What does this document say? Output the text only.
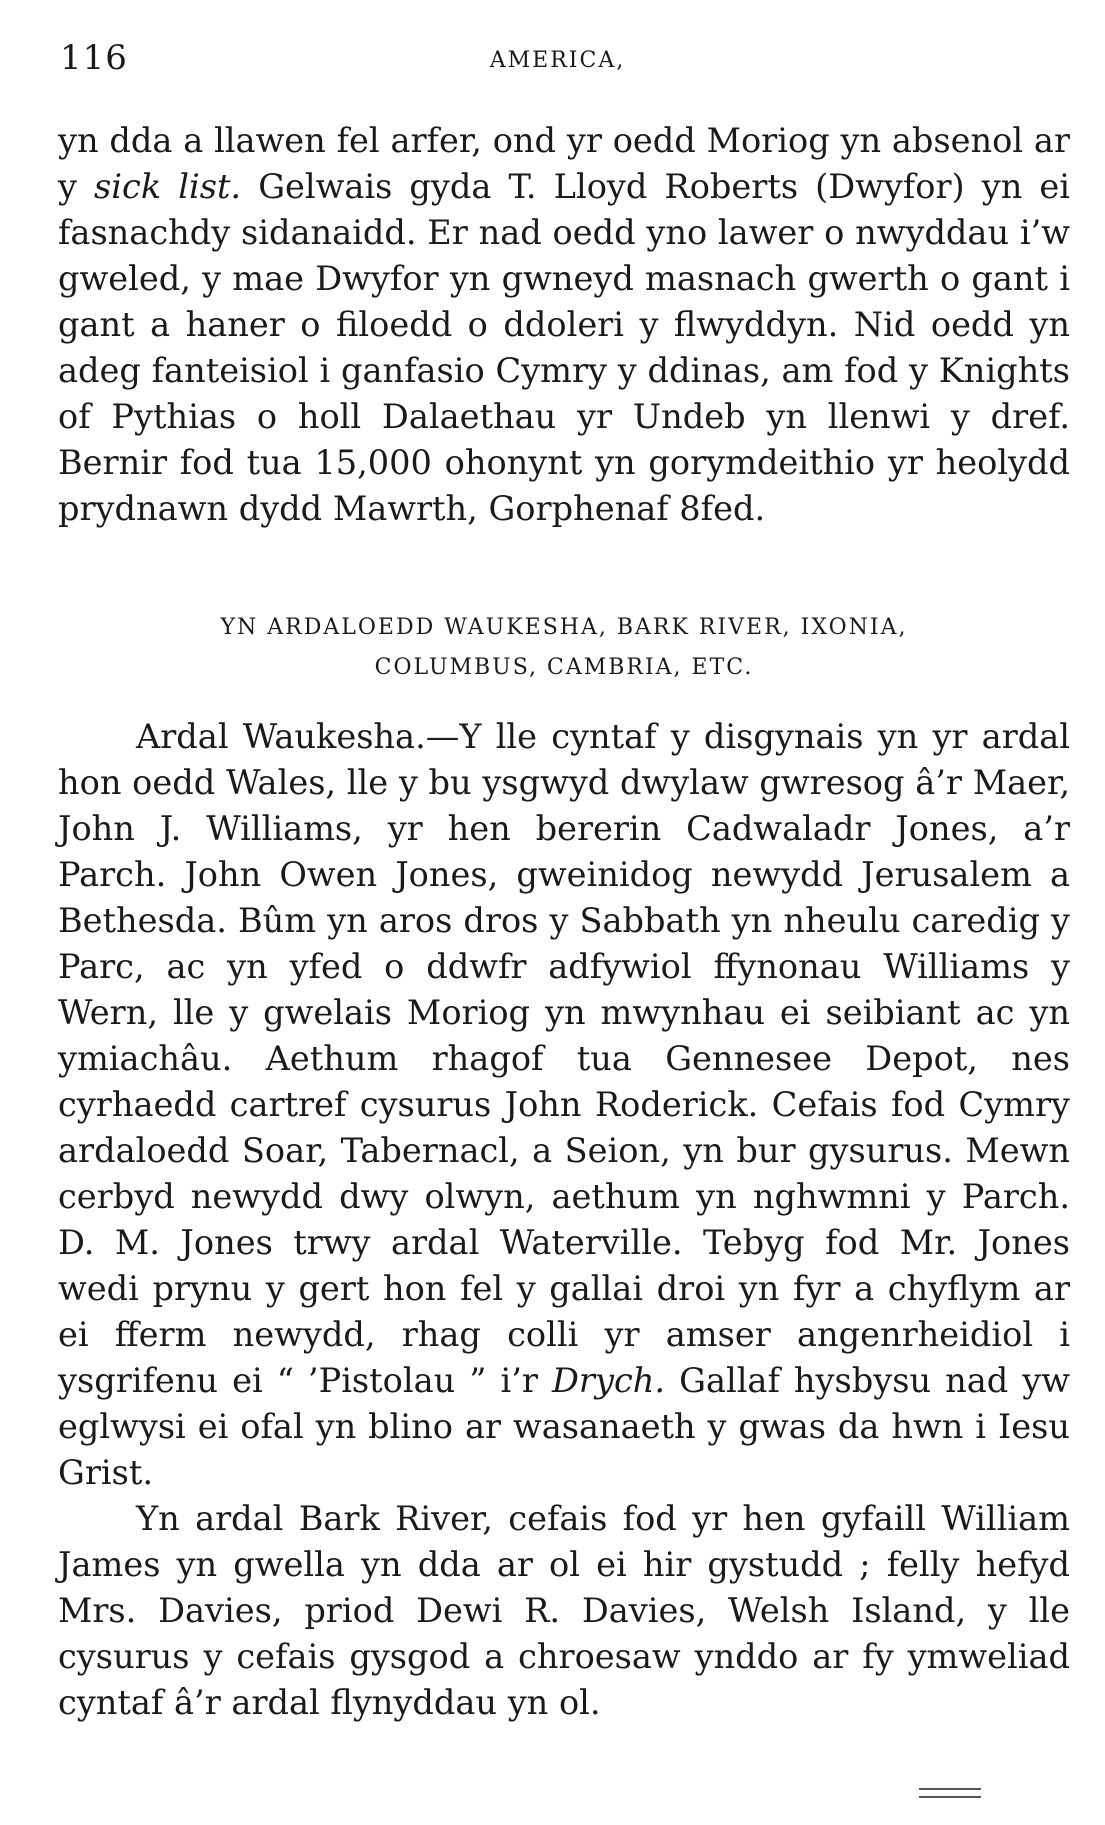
116	AMERICA,

yn dda a llawen fel arfer, ond yr oedd Moriog yn absenol ar y sick list. Gelwais gyda T. Lloyd Roberts (Dwyfor) yn ei fasnachdy sidanaidd. Er nad oedd yno lawer o nwyddau i’w gweled, y mae Dwyfor yn gwneyd masnach gwerth o gant i gant a haner o filoedd o ddoleri y flwyddyn. Nid oedd yn adeg fanteisiol i ganfasio Cymry y ddinas, am fod y Knights of Pythias o holl Dalaethau yr Undeb yn llenwi y dref. Bernir fod tua 15,000 ohonynt yn gorymdeithio yr heolydd prydnawn dydd Mawrth, Gorphenaf 8fed.

YN ARDALOEDD WAUKESHA, BARK RIVER, IXONIA,
COLUMBUS, CAMBRIA, ETC.

Ardal Waukesha.—Y lle cyntaf y disgynais yn yr ardal hon oedd Wales, lle y bu ysgwyd dwylaw gwresog â’r Maer, John J. Williams, yr hen bererin Cadwaladr Jones, a’r Parch. John Owen Jones, gweinidog newydd Jerusalem a Bethesda. Bûm yn aros dros y Sabbath yn nheulu caredig y Parc, ac yn yfed o ddwfr adfywiol ffynonau Williams y Wern, lle y gwelais Moriog yn mwynhau ei seibiant ac yn ymiachâu. Aethum rhagof tua Gennesee Depot, nes cyrhaedd cartref cysurus John Roderick. Cefais fod Cymry ardaloedd Soar, Tabernacl, a Seion, yn bur gysurus. Mewn cerbyd newydd dwy olwyn, aethum yn nghwmni y Parch. D. M. Jones trwy ardal Waterville. Tebyg fod Mr. Jones wedi prynu y gert hon fel y gallai droi yn fyr a chyflym ar ei fferm newydd, rhag colli yr amser angenrheidiol i ysgrifenu ei “ ’Pistolau ” i’r Drych. Gallaf hysbysu nad yw eglwysi ei ofal yn blino ar wasanaeth y gwas da hwn i Iesu Grist.

Yn ardal Bark River, cefais fod yr hen gyfaill William James yn gwella yn dda ar ol ei hir gystudd ; felly hefyd Mrs. Davies, priod Dewi R. Davies, Welsh Island, y lle cysurus y cefais gysgod a chroesaw ynddo ar fy ymweliad cyntaf â’r ardal flynyddau yn ol.
